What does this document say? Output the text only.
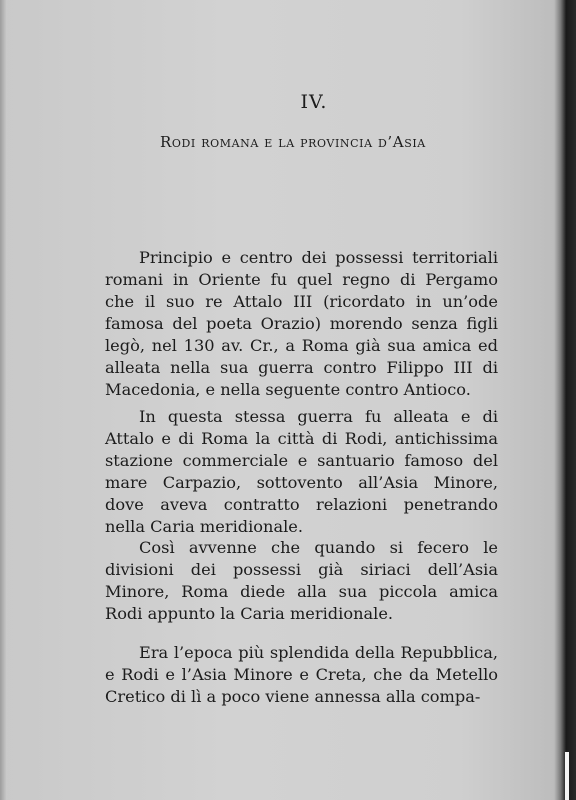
IV.
Rodi romana e la provincia d’Asia

Principio e centro dei possessi territoriali romani in Oriente fu quel regno di Pergamo che il suo re Attalo III (ricordato in un’ode famosa del poeta Orazio) morendo senza figli legò, nel 130 av. Cr., a Roma già sua amica ed alleata nella sua guerra contro Filippo III di Macedonia, e nella seguente contro Antioco.

In questa stessa guerra fu alleata e di Attalo e di Roma la città di Rodi, antichissima stazione commerciale e santuario famoso del mare Carpazio, sottovento all’Asia Minore, dove aveva contratto relazioni penetrando nella Caria meridionale.

Così avvenne che quando si fecero le divisioni dei possessi già siriaci dell’Asia Minore, Roma diede alla sua piccola amica Rodi appunto la Caria meridionale.

Era l’epoca più splendida della Repubblica, e Rodi e l’Asia Minore e Creta, che da Metello Cretico di lì a poco viene annessa alla compa-
